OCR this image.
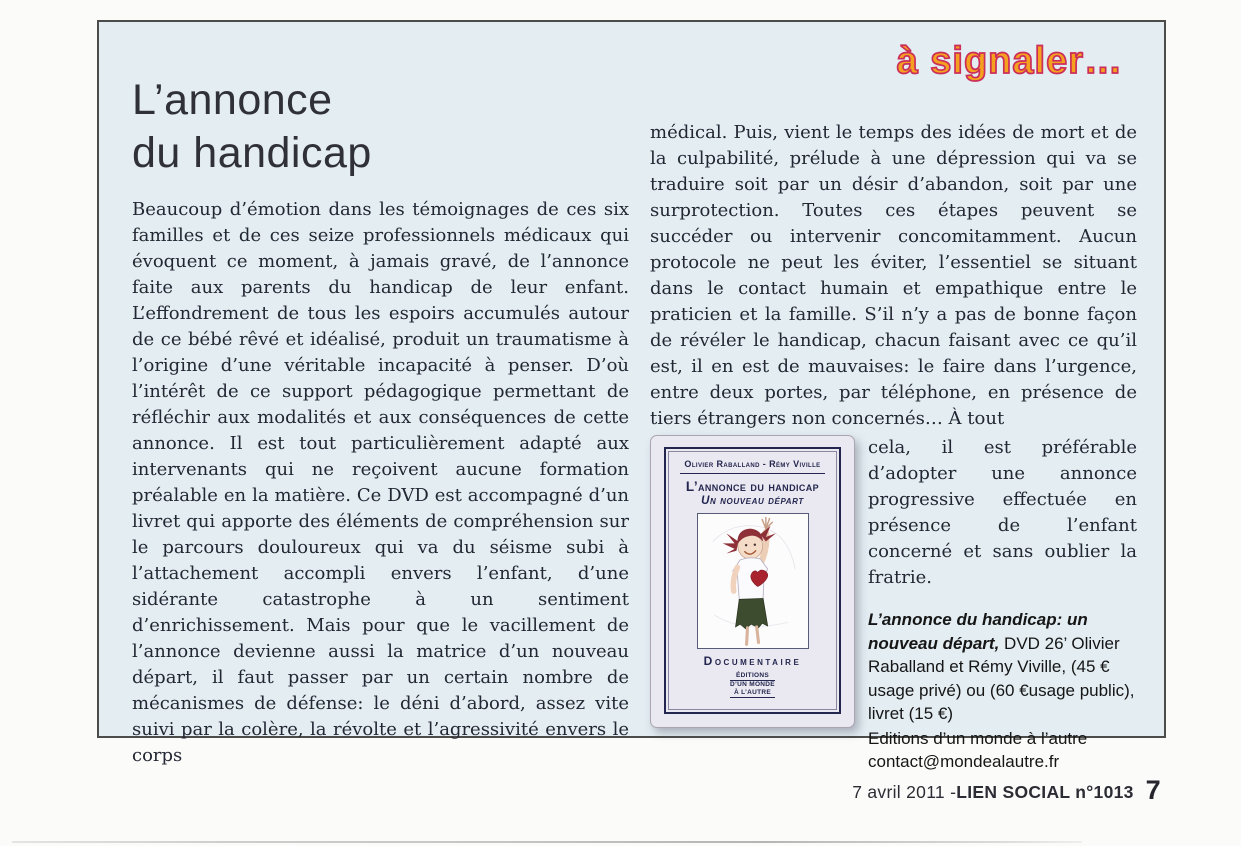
à signaler…
L’annonce
du handicap
Beaucoup d’émotion dans les témoignages de ces six familles et de ces seize professionnels médicaux qui évoquent ce moment, à jamais gravé, de l’annonce faite aux parents du handicap de leur enfant. L’effondrement de tous les espoirs accumulés autour de ce bébé rêvé et idéalisé, produit un traumatisme à l’origine d’une véritable incapacité à penser. D’où l’intérêt de ce support pédagogique permettant de réfléchir aux modalités et aux conséquences de cette annonce. Il est tout particulièrement adapté aux intervenants qui ne reçoivent aucune formation préalable en la matière. Ce DVD est accompagné d’un livret qui apporte des éléments de compréhension sur le parcours douloureux qui va du séisme subi à l’attachement accompli envers l’enfant, d’une sidérante catastrophe à un sentiment d’enrichissement. Mais pour que le vacillement de l’annonce devienne aussi la matrice d’un nouveau départ, il faut passer par un certain nombre de mécanismes de défense: le déni d’abord, assez vite suivi par la colère, la révolte et l’agressivité envers le corps

médical. Puis, vient le temps des idées de mort et de la culpabilité, prélude à une dépression qui va se traduire soit par un désir d’abandon, soit par une surprotection. Toutes ces étapes peuvent se succéder ou intervenir concomitamment. Aucun protocole ne peut les éviter, l’essentiel se situant dans le contact humain et empathique entre le praticien et la famille. S’il n’y a pas de bonne façon de révéler le handicap, chacun faisant avec ce qu’il est, il en est de mauvaises: le faire dans l’urgence, entre deux portes, par téléphone, en présence de tiers étrangers non concernés… À tout

Olivier Raballand - Rémy Viville
L’annonce du handicap
Un nouveau départ
Documentaire
ÉDITIONS
D’UN MONDE
À L’AUTRE

cela, il est préférable d’adopter une annonce progressive effectuée en présence de l’enfant concerné et sans oublier la fratrie.

L’annonce du handicap: un nouveau départ, DVD 26’ Olivier Raballand et Rémy Viville, (45 € usage privé) ou (60 €usage public), livret (15 €)

Editions d’un monde à l’autre
contact@mondealautre.fr
7 avril 2011 - LIEN SOCIAL n°1013 7
